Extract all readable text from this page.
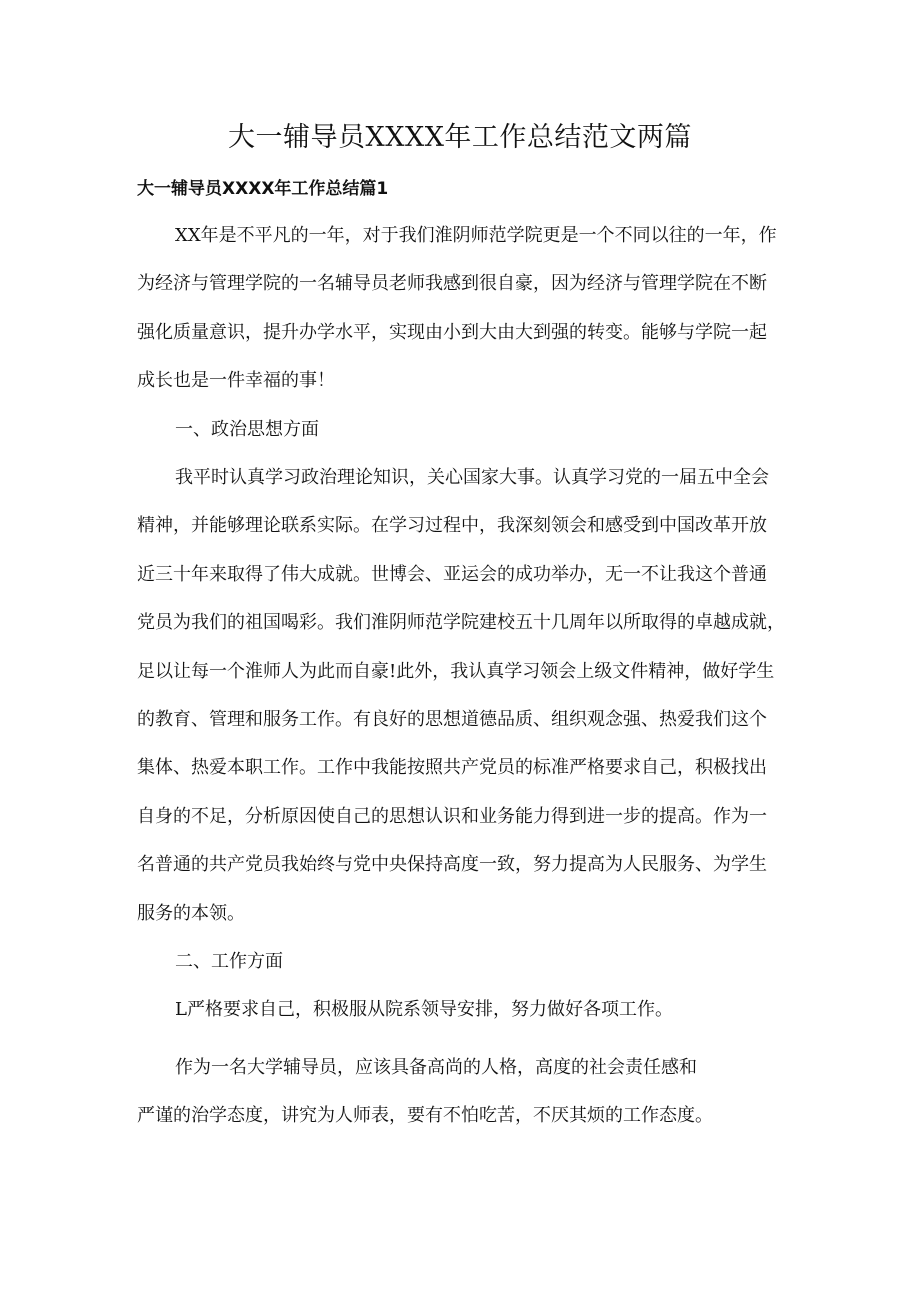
大一辅导员XXXX年工作总结范文两篇
大一辅导员XXXX年工作总结篇1

XX年是不平凡的一年，对于我们淮阴师范学院更是一个不同以往的一年，作
为经济与管理学院的一名辅导员老师我感到很自豪，因为经济与管理学院在不断
强化质量意识，提升办学水平，实现由小到大由大到强的转变。能够与学院一起
成长也是一件幸福的事！

一、政治思想方面

我平时认真学习政治理论知识，关心国家大事。认真学习党的一届五中全会
精神，并能够理论联系实际。在学习过程中，我深刻领会和感受到中国改革开放
近三十年来取得了伟大成就。世博会、亚运会的成功举办，无一不让我这个普通
党员为我们的祖国喝彩。我们淮阴师范学院建校五十几周年以所取得的卓越成就，
足以让每一个淮师人为此而自豪!此外，我认真学习领会上级文件精神，做好学生
的教育、管理和服务工作。有良好的思想道德品质、组织观念强、热爱我们这个
集体、热爱本职工作。工作中我能按照共产党员的标准严格要求自己，积极找出
自身的不足，分析原因使自己的思想认识和业务能力得到进一步的提高。作为一
名普通的共产党员我始终与党中央保持高度一致，努力提高为人民服务、为学生
服务的本领。

二、工作方面

L严格要求自己，积极服从院系领导安排，努力做好各项工作。

作为一名大学辅导员，应该具备高尚的人格，高度的社会责任感和
严谨的治学态度，讲究为人师表，要有不怕吃苦，不厌其烦的工作态度。
